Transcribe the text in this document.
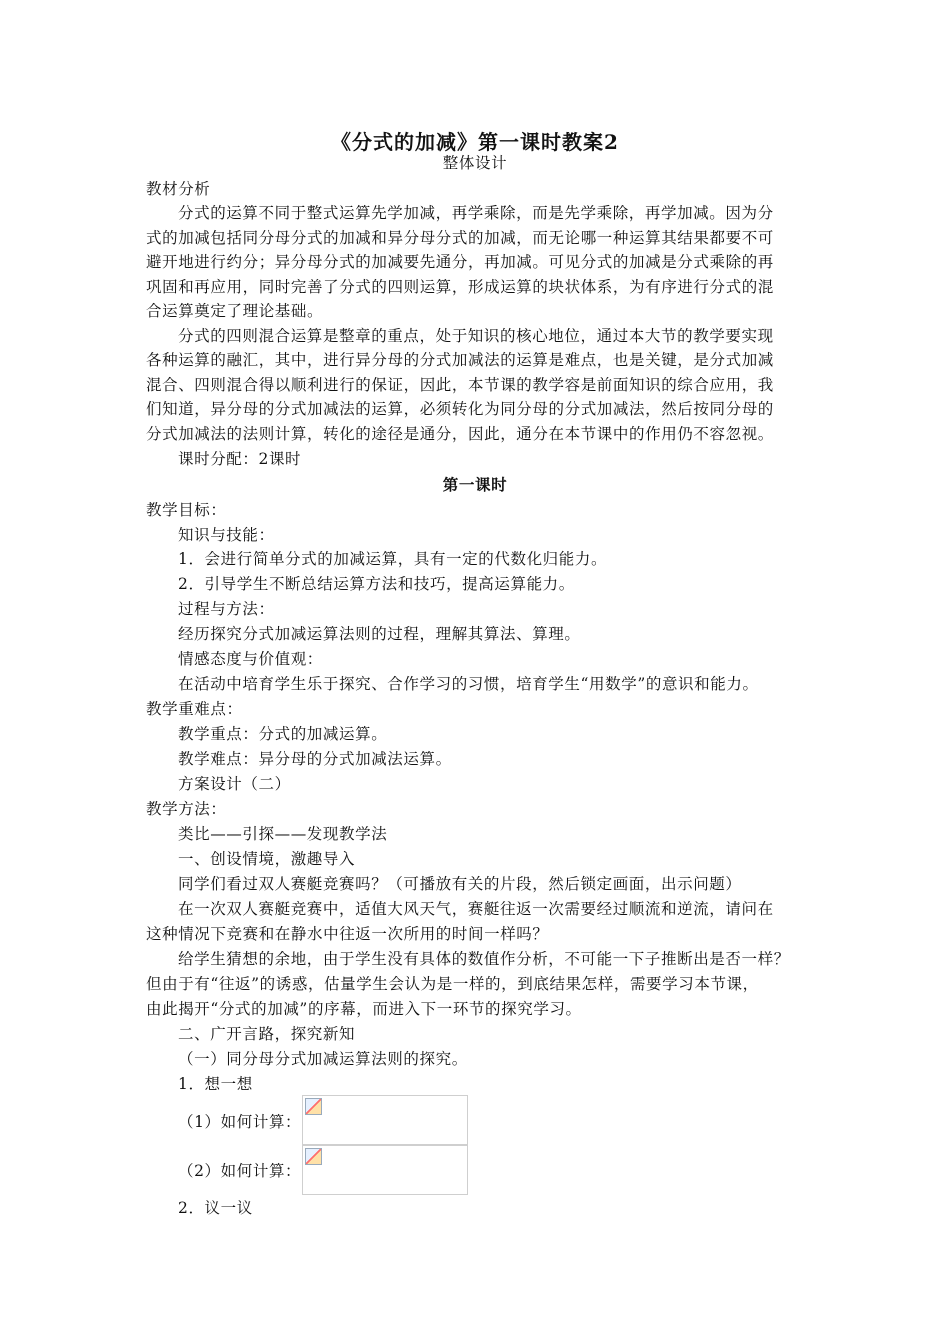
《分式的加减》第一课时教案2
整体设计
教材分析
分式的运算不同于整式运算先学加减，再学乘除，而是先学乘除，再学加减。因为分
式的加减包括同分母分式的加减和异分母分式的加减，而无论哪一种运算其结果都要不可
避开地进行约分；异分母分式的加减要先通分，再加减。可见分式的加减是分式乘除的再
巩固和再应用，同时完善了分式的四则运算，形成运算的块状体系，为有序进行分式的混
合运算奠定了理论基础。
分式的四则混合运算是整章的重点，处于知识的核心地位，通过本大节的教学要实现
各种运算的融汇，其中，进行异分母的分式加减法的运算是难点，也是关键，是分式加减
混合、四则混合得以顺利进行的保证，因此，本节课的教学容是前面知识的综合应用，我
们知道，异分母的分式加减法的运算，必须转化为同分母的分式加减法，然后按同分母的
分式加减法的法则计算，转化的途径是通分，因此，通分在本节课中的作用仍不容忽视。
课时分配：2课时
第一课时
教学目标：
知识与技能：
1．会进行简单分式的加减运算，具有一定的代数化归能力。
2．引导学生不断总结运算方法和技巧，提高运算能力。
过程与方法：
经历探究分式加减运算法则的过程，理解其算法、算理。
情感态度与价值观：
在活动中培育学生乐于探究、合作学习的习惯，培育学生“用数学”的意识和能力。
教学重难点：
教学重点：分式的加减运算。
教学难点：异分母的分式加减法运算。
方案设计（二）
教学方法：
类比——引探——发现教学法
一、创设情境，激趣导入
同学们看过双人赛艇竞赛吗？（可播放有关的片段，然后锁定画面，出示问题）
在一次双人赛艇竞赛中，适值大风天气，赛艇往返一次需要经过顺流和逆流，请问在
这种情况下竞赛和在静水中往返一次所用的时间一样吗？
给学生猜想的余地，由于学生没有具体的数值作分析，不可能一下子推断出是否一样？
但由于有“往返”的诱惑，估量学生会认为是一样的，到底结果怎样，需要学习本节课，
由此揭开“分式的加减”的序幕，而进入下一环节的探究学习。
二、广开言路，探究新知
（一）同分母分式加减运算法则的探究。
1．想一想
（1）如何计算：
（2）如何计算：
2．议一议
